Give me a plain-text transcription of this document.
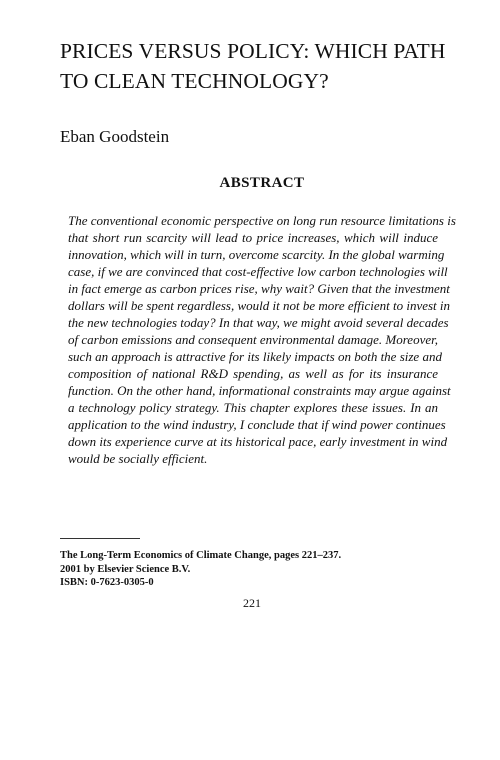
PRICES VERSUS POLICY: WHICH PATH
TO CLEAN TECHNOLOGY?

Eban Goodstein

ABSTRACT
The conventional economic perspective on long run resource limitations is
that short run scarcity will lead to price increases, which will induce
innovation, which will in turn, overcome scarcity. In the global warming
case, if we are convinced that cost-effective low carbon technologies will
in fact emerge as carbon prices rise, why wait? Given that the investment
dollars will be spent regardless, would it not be more efficient to invest in
the new technologies today? In that way, we might avoid several decades
of carbon emissions and consequent environmental damage. Moreover,
such an approach is attractive for its likely impacts on both the size and
composition of national R&D spending, as well as for its insurance
function. On the other hand, informational constraints may argue against
a technology policy strategy. This chapter explores these issues. In an
application to the wind industry, I conclude that if wind power continues
down its experience curve at its historical pace, early investment in wind
would be socially efficient.
The Long-Term Economics of Climate Change, pages 221–237.
2001 by Elsevier Science B.V.
ISBN: 0-7623-0305-0
221
